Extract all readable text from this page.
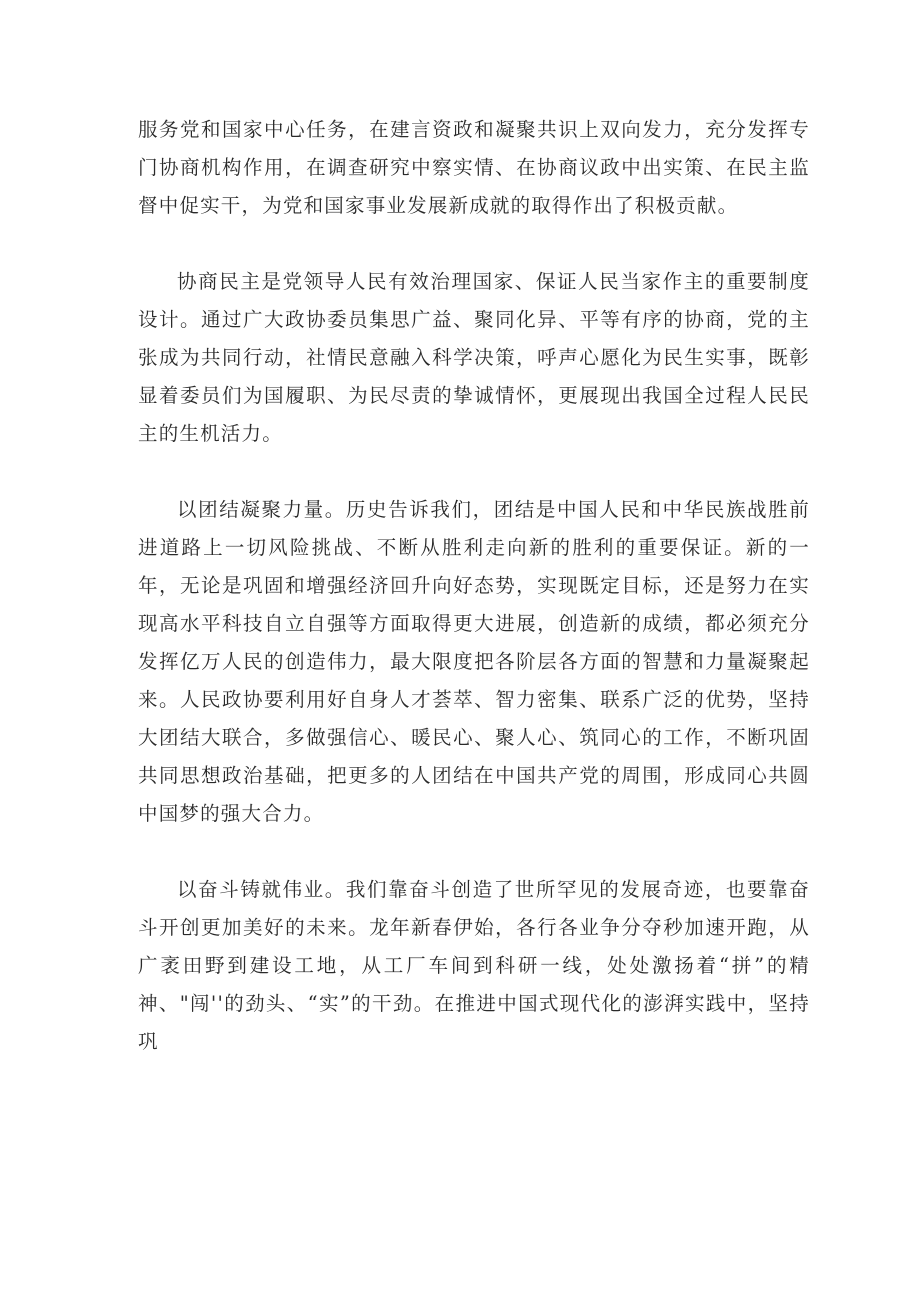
服务党和国家中心任务，在建言资政和凝聚共识上双向发力，充分发挥专门协商机构作用，在调查研究中察实情、在协商议政中出实策、在民主监督中促实干，为党和国家事业发展新成就的取得作出了积极贡献。

协商民主是党领导人民有效治理国家、保证人民当家作主的重要制度设计。通过广大政协委员集思广益、聚同化异、平等有序的协商，党的主张成为共同行动，社情民意融入科学决策，呼声心愿化为民生实事，既彰显着委员们为国履职、为民尽责的挚诚情怀，更展现出我国全过程人民民主的生机活力。

以团结凝聚力量。历史告诉我们，团结是中国人民和中华民族战胜前进道路上一切风险挑战、不断从胜利走向新的胜利的重要保证。新的一年，无论是巩固和增强经济回升向好态势，实现既定目标，还是努力在实现高水平科技自立自强等方面取得更大进展，创造新的成绩，都必须充分发挥亿万人民的创造伟力，最大限度把各阶层各方面的智慧和力量凝聚起来。人民政协要利用好自身人才荟萃、智力密集、联系广泛的优势，坚持大团结大联合，多做强信心、暖民心、聚人心、筑同心的工作，不断巩固共同思想政治基础，把更多的人团结在中国共产党的周围，形成同心共圆中国梦的强大合力。

以奋斗铸就伟业。我们靠奋斗创造了世所罕见的发展奇迹，也要靠奋斗开创更加美好的未来。龙年新春伊始，各行各业争分夺秒加速开跑，从广袤田野到建设工地，从工厂车间到科研一线，处处激扬着“拼”的精神、"闯''的劲头、“实”的干劲。在推进中国式现代化的澎湃实践中，坚持巩
